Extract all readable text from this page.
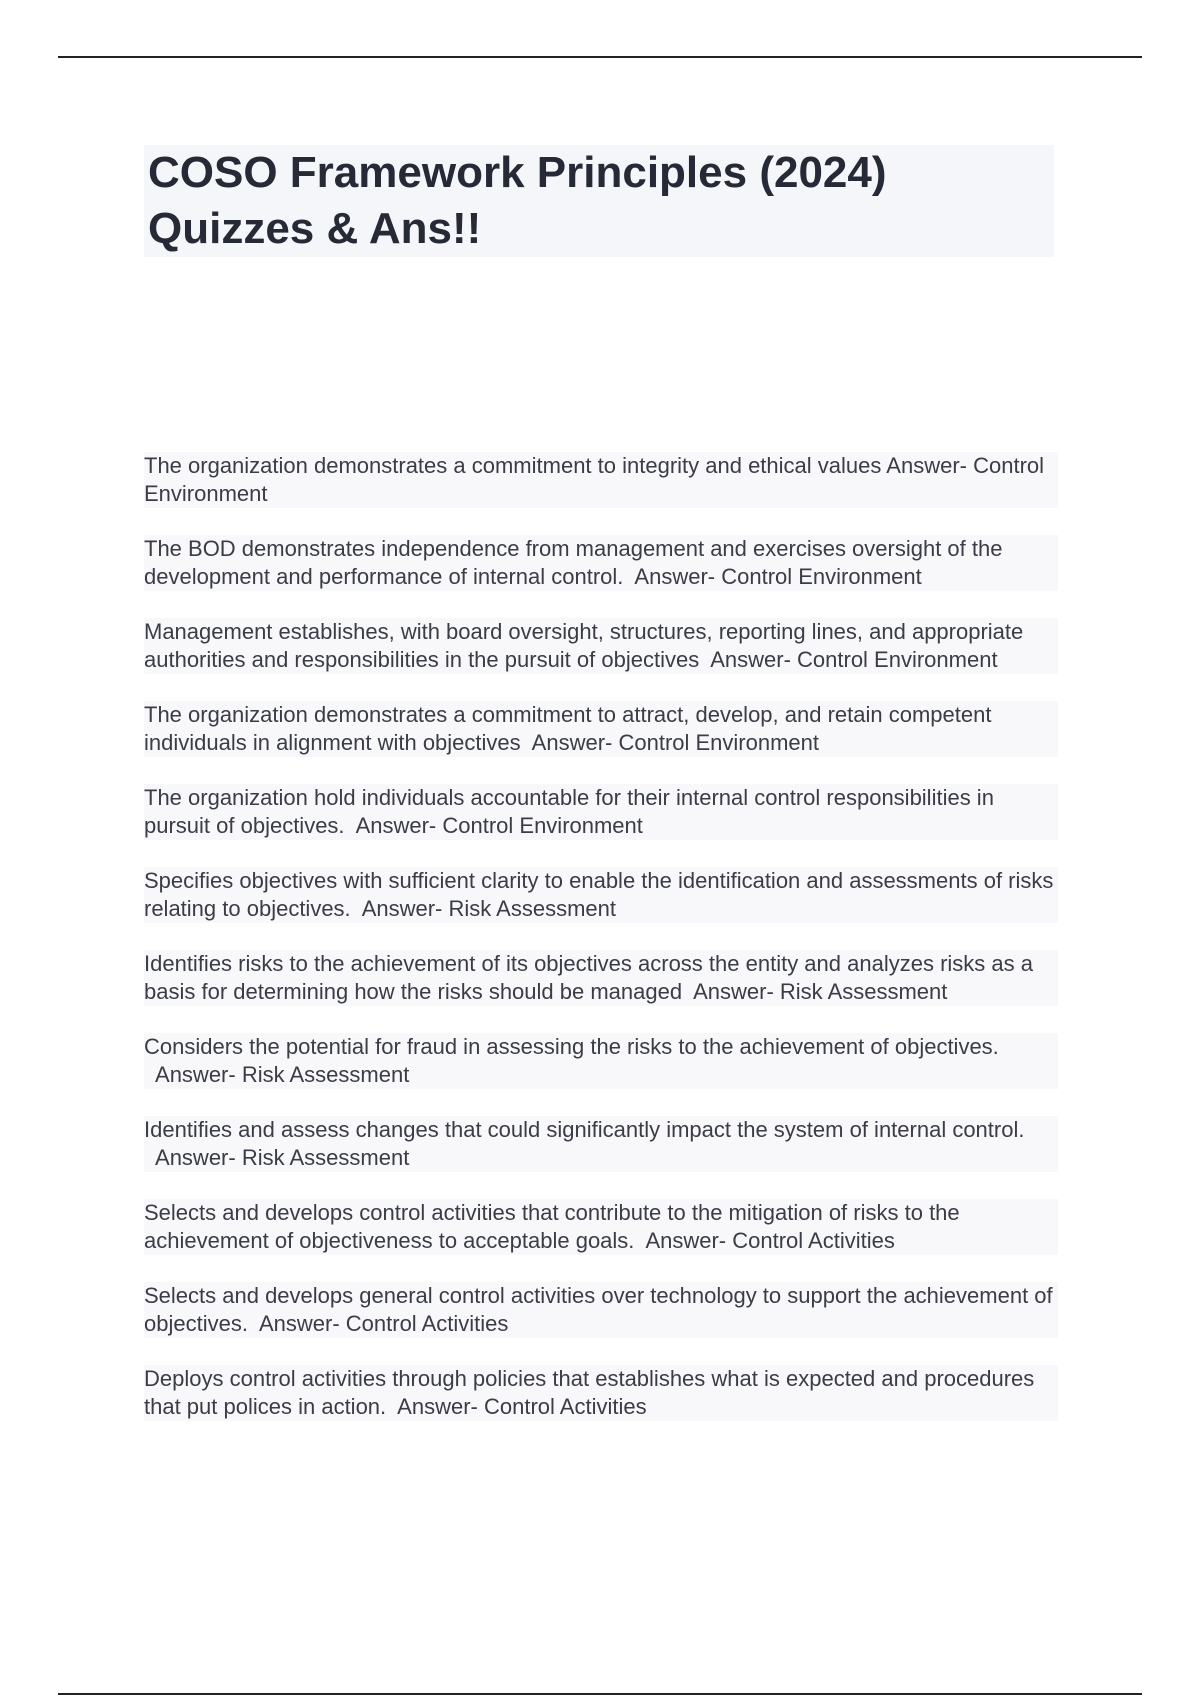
COSO Framework Principles (2024) Quizzes & Ans!!

The organization demonstrates a commitment to integrity and ethical values Answer- Control Environment

The BOD demonstrates independence from management and exercises oversight of the development and performance of internal control. Answer- Control Environment

Management establishes, with board oversight, structures, reporting lines, and appropriate authorities and responsibilities in the pursuit of objectives Answer- Control Environment

The organization demonstrates a commitment to attract, develop, and retain competent individuals in alignment with objectives Answer- Control Environment

The organization hold individuals accountable for their internal control responsibilities in pursuit of objectives. Answer- Control Environment

Specifies objectives with sufficient clarity to enable the identification and assessments of risks relating to objectives. Answer- Risk Assessment

Identifies risks to the achievement of its objectives across the entity and analyzes risks as a basis for determining how the risks should be managed Answer- Risk Assessment

Considers the potential for fraud in assessing the risks to the achievement of objectives.  Answer- Risk Assessment

Identifies and assess changes that could significantly impact the system of internal control.  Answer- Risk Assessment

Selects and develops control activities that contribute to the mitigation of risks to the achievement of objectiveness to acceptable goals. Answer- Control Activities

Selects and develops general control activities over technology to support the achievement of objectives. Answer- Control Activities

Deploys control activities through policies that establishes what is expected and procedures that put polices in action. Answer- Control Activities
